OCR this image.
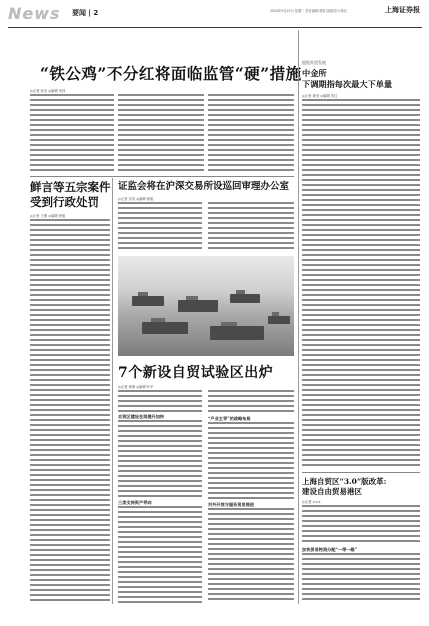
News 要闻 | 2	2020年9月22日 星期二 责任编辑:胡锐 版面设计:杨宏	上海证券报
“铁公鸡”不分红将面临监管“硬”措施
◎记者 孙忠 ◎编辑 朱林
证监会将在沪深交易所设巡回审理办公室
◎记者 吴英 ◎编辑 徐旭
鲜言等五宗案件
受到行政处罚
◎记者 王墨 ◎编辑 徐旭
7个新设自贸试验区出炉
◎记者 黄海 ◎编辑 叶华
自贸区建设在再提升加快
三类支持资产导向
“产业主导”的战略布局
对外开放与服务贸易推进
提振外贸发展
中金所
下调期指每次最大下单量
◎记者 黄莹 ◎编辑 朱红
上海自贸区“3.0”版改革:
建设自由贸易港区
◎记者 ×××
加快贸易物流分配“一带一路”
